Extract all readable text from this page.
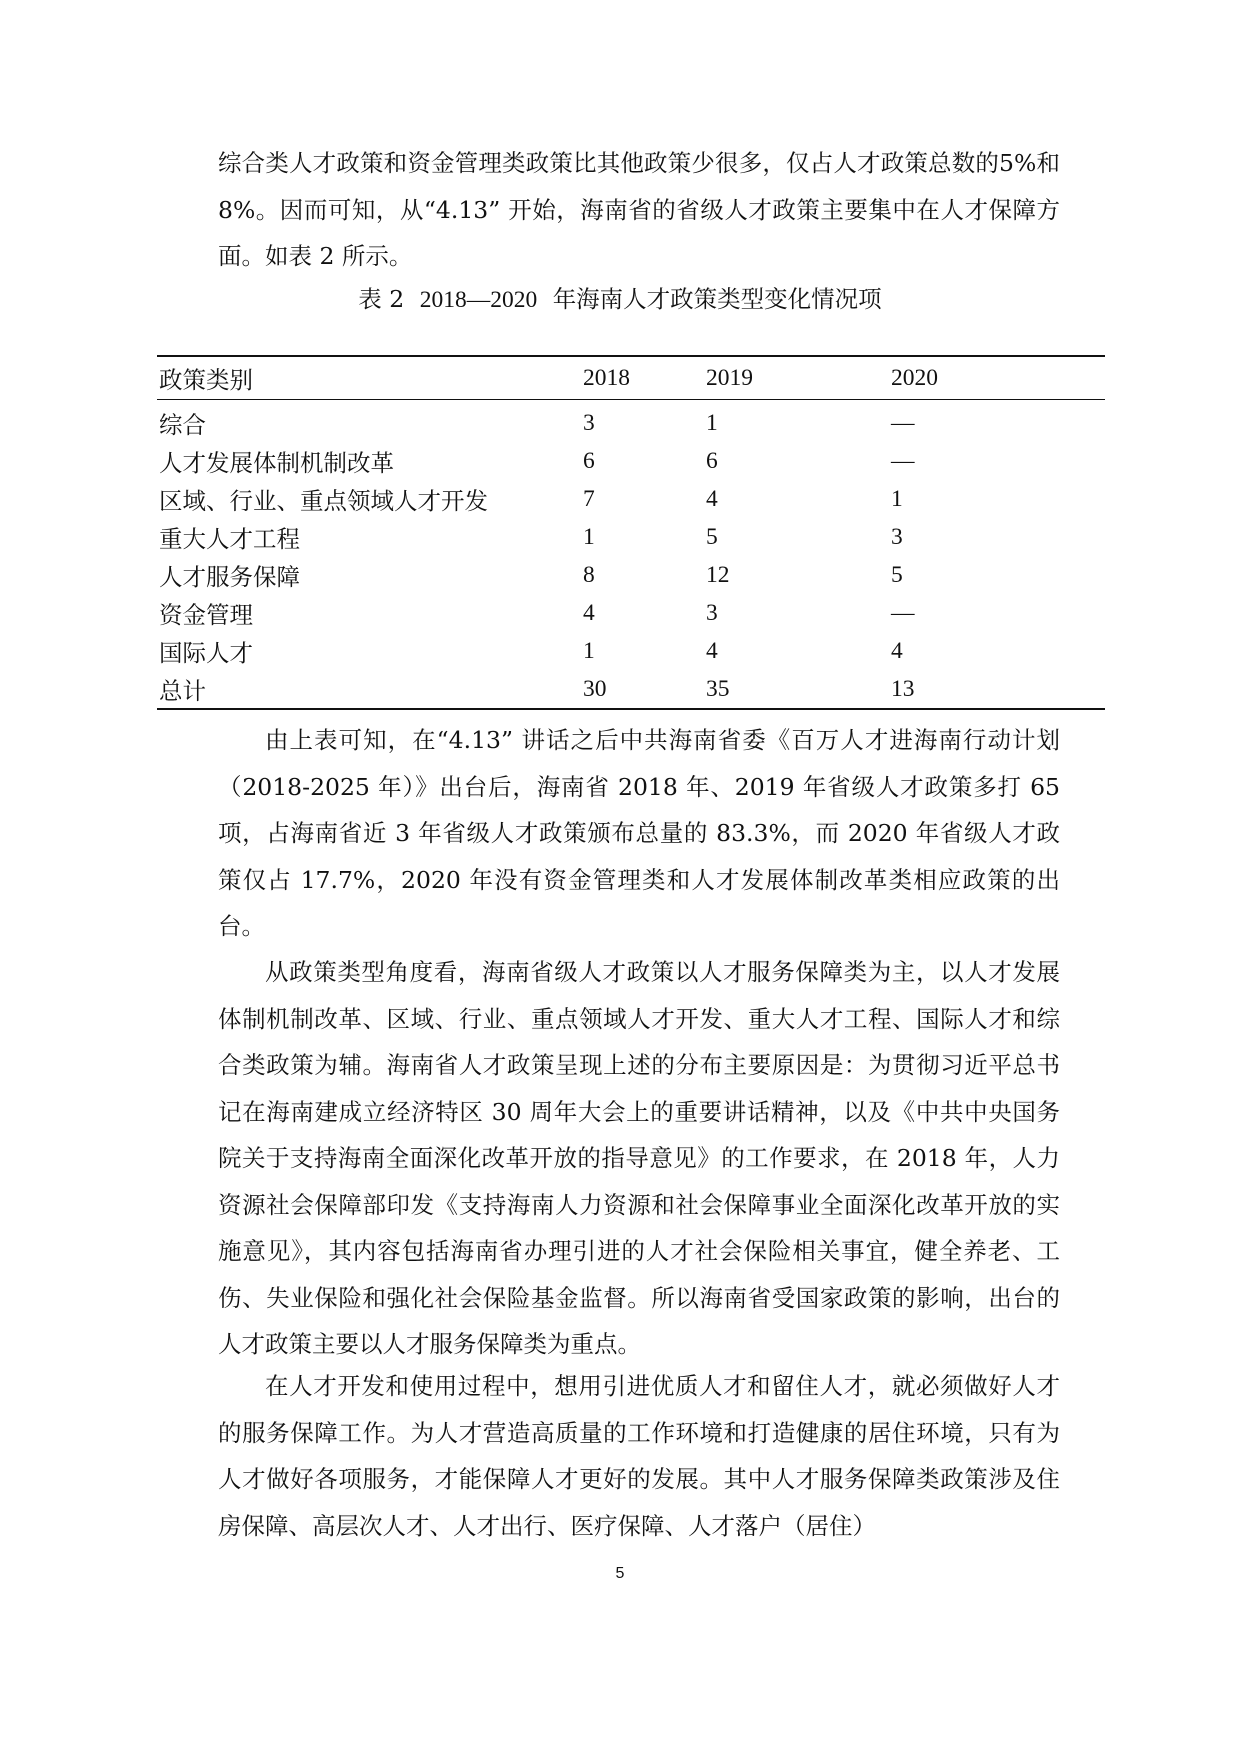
综合类人才政策和资金管理类政策比其他政策少很多，仅占人才政策总数的5%和 8%。因而可知，从“4.13” 开始，海南省的省级人才政策主要集中在人才保障方面。如表 2 所示。

表 2 2018—2020 年海南人才政策类型变化情况项

政策类别	2018	2019	2020
综合	3	1	—
人才发展体制机制改革	6	6	—
区域、行业、重点领域人才开发	7	4	1
重大人才工程	1	5	3
人才服务保障	8	12	5
资金管理	4	3	—
国际人才	1	4	4
总计	30	35	13

由上表可知，在“4.13” 讲话之后中共海南省委《百万人才进海南行动计划（2018-2025 年）》出台后，海南省 2018 年、2019 年省级人才政策多打 65 项，占海南省近 3 年省级人才政策颁布总量的 83.3%，而 2020 年省级人才政策仅占 17.7%，2020 年没有资金管理类和人才发展体制改革类相应政策的出台。

从政策类型角度看，海南省级人才政策以人才服务保障类为主，以人才发展体制机制改革、区域、行业、重点领域人才开发、重大人才工程、国际人才和综合类政策为辅。海南省人才政策呈现上述的分布主要原因是：为贯彻习近平总书记在海南建成立经济特区 30 周年大会上的重要讲话精神，以及《中共中央国务院关于支持海南全面深化改革开放的指导意见》的工作要求，在 2018 年，人力资源社会保障部印发《支持海南人力资源和社会保障事业全面深化改革开放的实施意见》，其内容包括海南省办理引进的人才社会保险相关事宜，健全养老、工伤、失业保险和强化社会保险基金监督。所以海南省受国家政策的影响，出台的人才政策主要以人才服务保障类为重点。

在人才开发和使用过程中，想用引进优质人才和留住人才，就必须做好人才的服务保障工作。为人才营造高质量的工作环境和打造健康的居住环境，只有为人才做好各项服务，才能保障人才更好的发展。其中人才服务保障类政策涉及住房保障、高层次人才、人才出行、医疗保障、人才落户（居住）

5
